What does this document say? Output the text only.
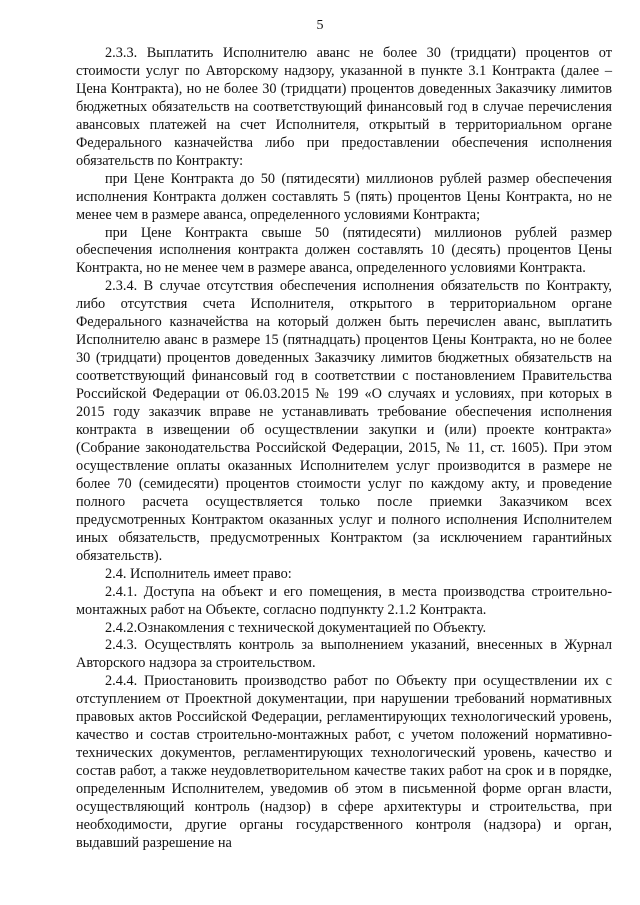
5

2.3.3. Выплатить Исполнителю аванс не более 30 (тридцати) процентов от стоимости услуг по Авторскому надзору, указанной в пункте 3.1 Контракта (далее – Цена Контракта), но не более 30 (тридцати) процентов доведенных Заказчику лимитов бюджетных обязательств на соответствующий финансовый год в случае перечисления авансовых платежей на счет Исполнителя, открытый в территориальном органе Федерального казначейства либо при предоставлении обеспечения исполнения обязательств по Контракту:

при Цене Контракта до 50 (пятидесяти) миллионов рублей размер обеспечения исполнения Контракта должен составлять 5 (пять) процентов Цены Контракта, но не менее чем в размере аванса, определенного условиями Контракта;

при Цене Контракта свыше 50 (пятидесяти) миллионов рублей размер обеспечения исполнения контракта должен составлять 10 (десять) процентов Цены Контракта, но не менее чем в размере аванса, определенного условиями Контракта.

2.3.4. В случае отсутствия обеспечения исполнения обязательств по Контракту, либо отсутствия счета Исполнителя, открытого в территориальном органе Федерального казначейства на который должен быть перечислен аванс, выплатить Исполнителю аванс в размере 15 (пятнадцать) процентов Цены Контракта, но не более 30 (тридцати) процентов доведенных Заказчику лимитов бюджетных обязательств на соответствующий финансовый год в соответствии с постановлением Правительства Российской Федерации от 06.03.2015 № 199 «О случаях и условиях, при которых в 2015 году заказчик вправе не устанавливать требование обеспечения исполнения контракта в извещении об осуществлении закупки и (или) проекте контракта» (Собрание законодательства Российской Федерации, 2015, № 11, ст. 1605). При этом осуществление оплаты оказанных Исполнителем услуг производится в размере не более 70 (семидесяти) процентов стоимости услуг по каждому акту, и проведение полного расчета осуществляется только после приемки Заказчиком всех предусмотренных Контрактом оказанных услуг и полного исполнения Исполнителем иных обязательств, предусмотренных Контрактом (за исключением гарантийных обязательств).

2.4. Исполнитель имеет право:

2.4.1. Доступа на объект и его помещения, в места производства строительно-монтажных работ на Объекте, согласно подпункту 2.1.2 Контракта.

2.4.2.Ознакомления с технической документацией по Объекту.

2.4.3. Осуществлять контроль за выполнением указаний, внесенных в Журнал Авторского надзора за строительством.

2.4.4. Приостановить производство работ по Объекту при осуществлении их с отступлением от Проектной документации, при нарушении требований нормативных правовых актов Российской Федерации, регламентирующих технологический уровень, качество и состав строительно-монтажных работ, с учетом положений нормативно-технических документов, регламентирующих технологический уровень, качество и состав работ, а также неудовлетворительном качестве таких работ на срок и в порядке, определенным Исполнителем, уведомив об этом в письменной форме орган власти, осуществляющий контроль (надзор) в сфере архитектуры и строительства, при необходимости, другие органы государственного контроля (надзора) и орган, выдавший разрешение на
